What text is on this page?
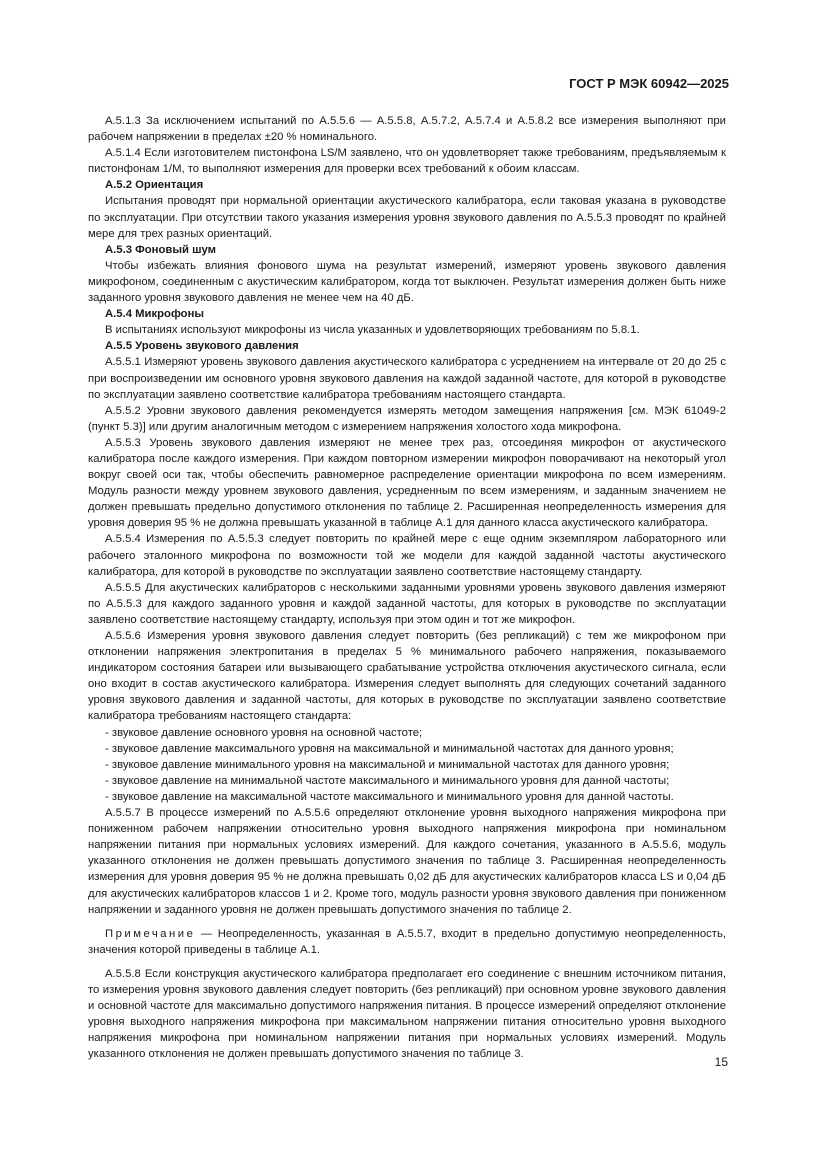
ГОСТ Р МЭК 60942—2025

А.5.1.3 За исключением испытаний по А.5.5.6 — А.5.5.8, А.5.7.2, А.5.7.4 и А.5.8.2 все измерения выполняют при рабочем напряжении в пределах ±20 % номинального.

А.5.1.4 Если изготовителем пистонфона LS/M заявлено, что он удовлетворяет также требованиям, предъявляемым к пистонфонам 1/M, то выполняют измерения для проверки всех требований к обоим классам.

А.5.2 Ориентация

Испытания проводят при нормальной ориентации акустического калибратора, если таковая указана в руководстве по эксплуатации. При отсутствии такого указания измерения уровня звукового давления по А.5.5.3 проводят по крайней мере для трех разных ориентаций.

А.5.3 Фоновый шум

Чтобы избежать влияния фонового шума на результат измерений, измеряют уровень звукового давления микрофоном, соединенным с акустическим калибратором, когда тот выключен. Результат измерения должен быть ниже заданного уровня звукового давления не менее чем на 40 дБ.

А.5.4 Микрофоны

В испытаниях используют микрофоны из числа указанных и удовлетворяющих требованиям по 5.8.1.

А.5.5 Уровень звукового давления

А.5.5.1 Измеряют уровень звукового давления акустического калибратора с усреднением на интервале от 20 до 25 с при воспроизведении им основного уровня звукового давления на каждой заданной частоте, для которой в руководстве по эксплуатации заявлено соответствие калибратора требованиям настоящего стандарта.

А.5.5.2 Уровни звукового давления рекомендуется измерять методом замещения напряжения [см. МЭК 61049-2 (пункт 5.3)] или другим аналогичным методом с измерением напряжения холостого хода микрофона.

А.5.5.3 Уровень звукового давления измеряют не менее трех раз, отсоединяя микрофон от акустического калибратора после каждого измерения. При каждом повторном измерении микрофон поворачивают на некоторый угол вокруг своей оси так, чтобы обеспечить равномерное распределение ориентации микрофона по всем измерениям. Модуль разности между уровнем звукового давления, усредненным по всем измерениям, и заданным значением не должен превышать предельно допустимого отклонения по таблице 2. Расширенная неопределенность измерения для уровня доверия 95 % не должна превышать указанной в таблице А.1 для данного класса акустического калибратора.

А.5.5.4 Измерения по А.5.5.3 следует повторить по крайней мере с еще одним экземпляром лабораторного или рабочего эталонного микрофона по возможности той же модели для каждой заданной частоты акустического калибратора, для которой в руководстве по эксплуатации заявлено соответствие настоящему стандарту.

А.5.5.5 Для акустических калибраторов с несколькими заданными уровнями уровень звукового давления измеряют по А.5.5.3 для каждого заданного уровня и каждой заданной частоты, для которых в руководстве по эксплуатации заявлено соответствие настоящему стандарту, используя при этом один и тот же микрофон.

А.5.5.6 Измерения уровня звукового давления следует повторить (без репликаций) с тем же микрофоном при отклонении напряжения электропитания в пределах 5 % минимального рабочего напряжения, показываемого индикатором состояния батареи или вызывающего срабатывание устройства отключения акустического сигнала, если оно входит в состав акустического калибратора. Измерения следует выполнять для следующих сочетаний заданного уровня звукового давления и заданной частоты, для которых в руководстве по эксплуатации заявлено соответствие калибратора требованиям настоящего стандарта:

- звуковое давление основного уровня на основной частоте;
- звуковое давление максимального уровня на максимальной и минимальной частотах для данного уровня;
- звуковое давление минимального уровня на максимальной и минимальной частотах для данного уровня;
- звуковое давление на минимальной частоте максимального и минимального уровня для данной частоты;
- звуковое давление на максимальной частоте максимального и минимального уровня для данной частоты.

А.5.5.7 В процессе измерений по А.5.5.6 определяют отклонение уровня выходного напряжения микрофона при пониженном рабочем напряжении относительно уровня выходного напряжения микрофона при номинальном напряжении питания при нормальных условиях измерений. Для каждого сочетания, указанного в А.5.5.6, модуль указанного отклонения не должен превышать допустимого значения по таблице 3. Расширенная неопределенность измерения для уровня доверия 95 % не должна превышать 0,02 дБ для акустических калибраторов класса LS и 0,04 дБ для акустических калибраторов классов 1 и 2. Кроме того, модуль разности уровня звукового давления при пониженном напряжении и заданного уровня не должен превышать допустимого значения по таблице 2.

Примечание — Неопределенность, указанная в А.5.5.7, входит в предельно допустимую неопределенность, значения которой приведены в таблице А.1.

А.5.5.8 Если конструкция акустического калибратора предполагает его соединение с внешним источником питания, то измерения уровня звукового давления следует повторить (без репликаций) при основном уровне звукового давления и основной частоте для максимально допустимого напряжения питания. В процессе измерений определяют отклонение уровня выходного напряжения микрофона при максимальном напряжении питания относительно уровня выходного напряжения микрофона при номинальном напряжении питания при нормальных условиях измерений. Модуль указанного отклонения не должен превышать допустимого значения по таблице 3.

15
